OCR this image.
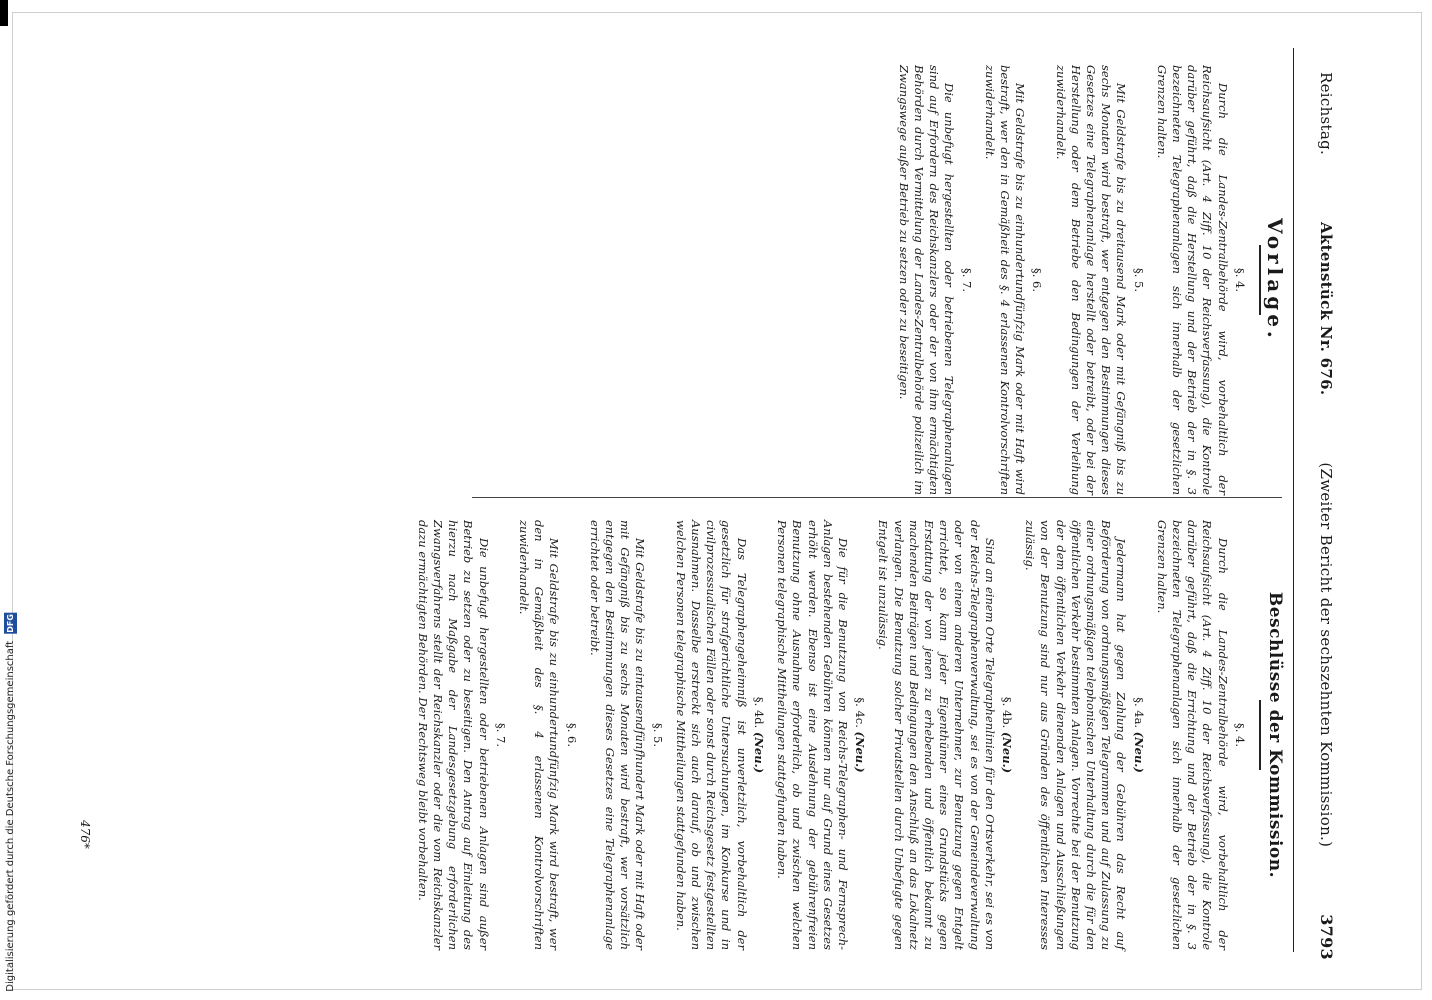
Digitalisierung gefördert durch die Deutsche Forschungsgemeinschaft DFG
Reichstag.
Aktenstück Nr. 676.
(Zweiter Bericht der sechszehnten Kommission.)
3793
Vorlage.
§. 4.

Durch die Landes-Zentralbehörde wird, vorbehaltlich der Reichsaufsicht (Art. 4 Ziff. 10 der Reichsverfassung), die Kontrole darüber geführt, daß die Herstellung und der Betrieb der in §. 3 bezeichneten Telegraphenanlagen sich innerhalb der gesetzlichen Grenzen halten.

§. 5.

Mit Geldstrafe bis zu dreitausend Mark oder mit Gefängniß bis zu sechs Monaten wird bestraft, wer entgegen den Bestimmungen dieses Gesetzes eine Telegraphenanlage herstellt oder betreibt, oder bei der Herstellung oder dem Betriebe den Bedingungen der Verleihung zuwiderhandelt.

§. 6.

Mit Geldstrafe bis zu einhundertundfünfzig Mark oder mit Haft wird bestraft, wer den in Gemäßheit des §. 4 erlassenen Kontrolvorschriften zuwiderhandelt.

§. 7.

Die unbefugt hergestellten oder betriebenen Telegraphenanlagen sind auf Erfordern des Reichskanzlers oder der von ihm ermächtigten Behörden durch Vermittelung der Landes-Zentralbehörde polizeilich im Zwangswege außer Betrieb zu setzen oder zu beseitigen.

Beschlüsse der Kommission.
§. 4.

Durch die Landes-Zentralbehörde wird, vorbehaltlich der Reichsaufsicht (Art. 4 Ziff. 10 der Reichsverfassung), die Kontrole darüber geführt, daß die Errichtung und der Betrieb der in §. 3 bezeichneten Telegraphenanlagen sich innerhalb der gesetzlichen Grenzen halten.

§. 4a. (Neu.)

Jedermann hat gegen Zahlung der Gebühren das Recht auf Beförderung von ordnungsmäßigen Telegrammen und auf Zulassung zu einer ordnungsmäßigen telephonischen Unterhaltung durch die für den öffentlichen Verkehr bestimmten Anlagen. Vorrechte bei der Benutzung der dem öffentlichen Verkehr dienenden Anlagen und Ausschließungen von der Benutzung sind nur aus Gründen des öffentlichen Interesses zulässig.

§. 4b. (Neu.)

Sind an einem Orte Telegraphenlinien für den Ortsverkehr, sei es von der Reichs-Telegraphenverwaltung, sei es von der Gemeindeverwaltung oder von einem anderen Unternehmer, zur Benutzung gegen Entgelt errichtet, so kann jeder Eigenthümer eines Grundstücks gegen Erstattung der von jenen zu erhebenden und öffentlich bekannt zu machenden Beiträgen und Bedingungen den Anschluß an das Lokalnetz verlangen. Die Benutzung solcher Privatstellen durch Unbefugte gegen Entgelt ist unzulässig.

§. 4c. (Neu.)

Die für die Benutzung von Reichs-Telegraphen- und Fernsprech-Anlagen bestehenden Gebühren können nur auf Grund eines Gesetzes erhöht werden. Ebenso ist eine Ausdehnung der gebührenfreien Benutzung ohne Ausnahme erforderlich, ob und zwischen welchen Personen telegraphische Mittheilungen stattgefunden haben.

§. 4d. (Neu.)

Das Telegraphengeheimniß ist unverletzlich, vorbehaltlich der gesetzlich für strafgerichtliche Untersuchungen, im Konkurse und in civilprozessualischen Fällen oder sonst durch Reichsgesetz festgestellten Ausnahmen. Dasselbe erstreckt sich auch darauf, ob und zwischen welchen Personen telegraphische Mittheilungen stattgefunden haben.

§. 5.

Mit Geldstrafe bis zu eintausendfünfhundert Mark oder mit Haft oder mit Gefängniß bis zu sechs Monaten wird bestraft, wer vorsätzlich entgegen den Bestimmungen dieses Gesetzes eine Telegraphenanlage errichtet oder betreibt.

§. 6.

Mit Geldstrafe bis zu einhundertundfünfzig Mark wird bestraft, wer den in Gemäßheit des §. 4 erlassenen Kontrolvorschriften zuwiderhandelt.

§. 7.

Die unbefugt hergestellten oder betriebenen Anlagen sind außer Betrieb zu setzen oder zu beseitigen. Den Antrag auf Einleitung des hierzu nach Maßgabe der Landesgesetzgebung erforderlichen Zwangsverfahrens stellt der Reichskanzler oder die vom Reichskanzler dazu ermächtigten Behörden. Der Rechtsweg bleibt vorbehalten.

476*
